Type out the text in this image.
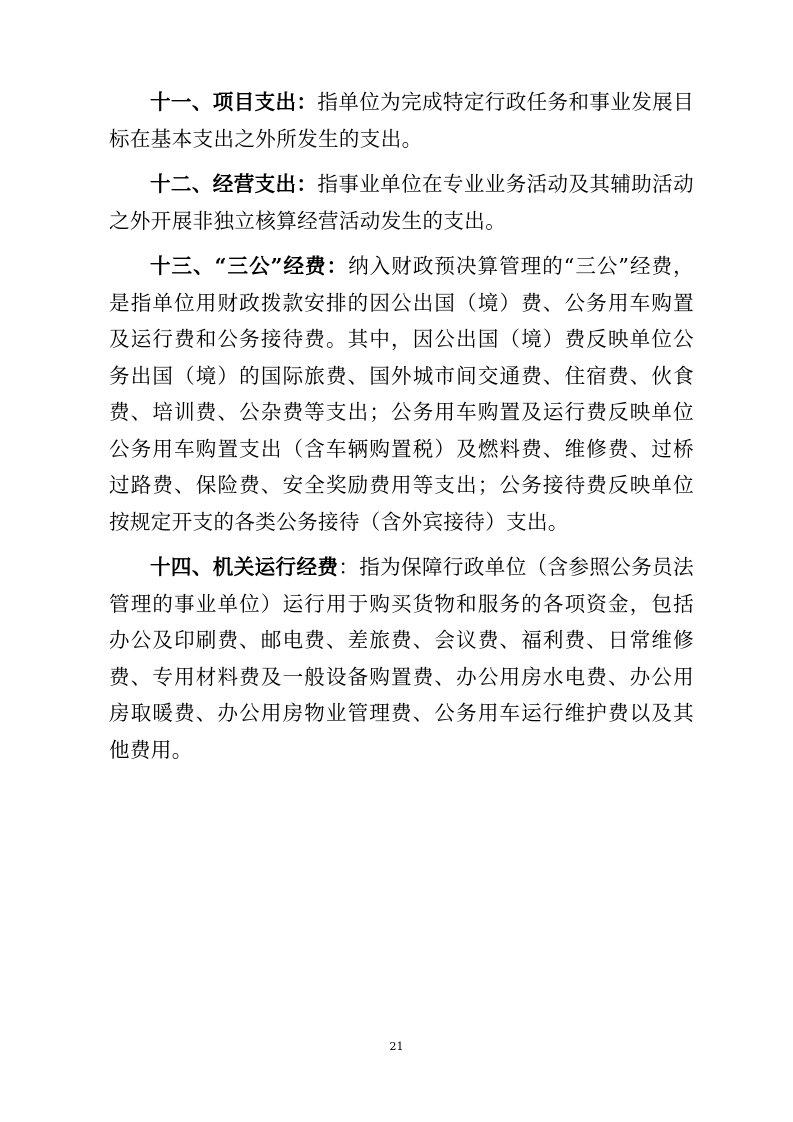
十一、项目支出：指单位为完成特定行政任务和事业发展目标在基本支出之外所发生的支出。

十二、经营支出：指事业单位在专业业务活动及其辅助活动之外开展非独立核算经营活动发生的支出。

十三、“三公”经费：纳入财政预决算管理的“三公”经费，是指单位用财政拨款安排的因公出国（境）费、公务用车购置及运行费和公务接待费。其中，因公出国（境）费反映单位公务出国（境）的国际旅费、国外城市间交通费、住宿费、伙食费、培训费、公杂费等支出；公务用车购置及运行费反映单位公务用车购置支出（含车辆购置税）及燃料费、维修费、过桥过路费、保险费、安全奖励费用等支出；公务接待费反映单位按规定开支的各类公务接待（含外宾接待）支出。

十四、机关运行经费：指为保障行政单位（含参照公务员法管理的事业单位）运行用于购买货物和服务的各项资金，包括办公及印刷费、邮电费、差旅费、会议费、福利费、日常维修费、专用材料费及一般设备购置费、办公用房水电费、办公用房取暖费、办公用房物业管理费、公务用车运行维护费以及其他费用。

21
